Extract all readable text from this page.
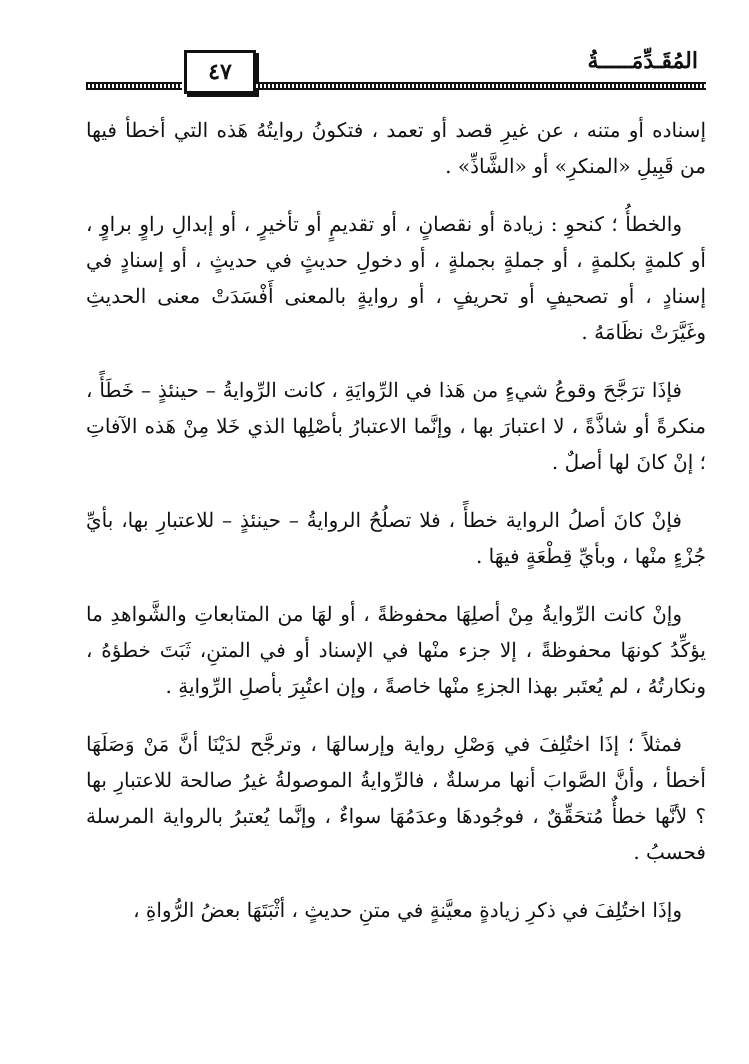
المُقَـدِّمَـــــةُ
٤٧

إسناده أو متنه ، عن غيرِ قصد أو تعمد ، فتكونُ روايتُهُ هَذه التي أخطأ فيها من قَبِيلِ «المنكرِ» أو «الشَّاذِّ» .

والخطأُ ؛ كنحوِ : زيادة أو نقصانٍ ، أو تقديمٍ أو تأخيرٍ ، أو إبدالِ راوٍ براوٍ ، أو كلمةٍ بكلمةٍ ، أو جملةٍ بجملةٍ ، أو دخولِ حديثٍ في حديثٍ ، أو إسنادٍ في إسنادٍ ، أو تصحيفٍ أو تحريفٍ ، أو روايةٍ بالمعنى أَفْسَدَتْ معنى الحديثِ وغَيَّرَتْ نظَامَهُ .

فإذَا ترَجَّحَ وقوعُ شيءٍ من هَذا في الرِّوايَةِ ، كانت الرِّوايةُ – حينئذٍ – خَطَأً ، منكرةً أو شاذَّةً ، لا اعتبارَ بها ، وإنَّما الاعتبارُ بأصْلِها الذي خَلا مِنْ هَذه الآفاتِ ؛ إنْ كانَ لها أصلٌ .

فإنْ كانَ أصلُ الرواية خطأً ، فلا تصلُحُ الروايةُ – حينئذٍ – للاعتبارِ بها، بأيِّ جُزْءٍ منْها ، وبأيِّ قِطْعَةٍ فيهَا .

وإنْ كانت الرِّوايةُ مِنْ أصلِهَا محفوظةً ، أو لهَا من المتابعاتِ والشَّواهدِ ما يؤكِّدُ كونهَا محفوظةً ، إلا جزء منْها في الإسناد أو في المتنِ، ثَبَتَ خطؤهُ ، ونكارتُهُ ، لم يُعتَبر بهذا الجزءِ منْها خاصةً ، وإن اعتُبِرَ بأصلِ الرِّوايةِ .

فمثلاً ؛ إذَا اختُلِفَ في وَصْلِ رواية وإرسالهَا ، وترجَّح لدَيْنَا أنَّ مَنْ وَصَلَهَا أخطأ ، وأنَّ الصَّوابَ أنها مرسلةٌ ، فالرِّوايةُ الموصولةُ غيرُ صالحة للاعتبارِ بها ؟ لأنَّها خطأٌ مُتحَقِّقٌ ، فوجُودهَا وعدَمُهَا سواءٌ ، وإنَّما يُعتبرُ بالرواية المرسلة فحسبُ .

وإذَا اختُلِفَ في ذكرِ زيادةٍ معيَّنةٍ في متنِ حديثٍ ، أثْبَتَهَا بعضُ الرُّواةِ ،
